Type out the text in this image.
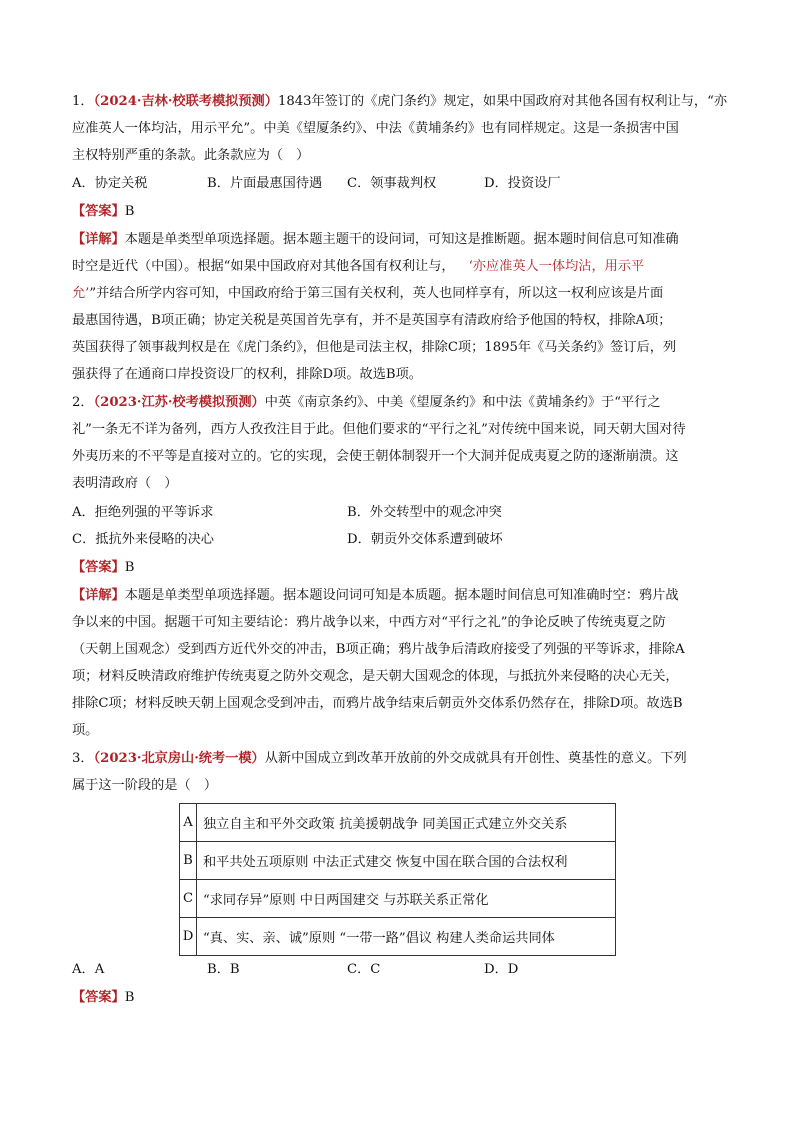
1．（2024·吉林·校联考模拟预测）1843年签订的《虎门条约》规定，如果中国政府对其他各国有权利让与，“亦
应准英人一体均沾，用示平允”。中美《望厦条约》、中法《黄埔条约》也有同样规定。这是一条损害中国
主权特别严重的条款。此条款应为（　）
A．协定关税	B．片面最惠国待遇 C．领事裁判权	D．投资设厂
【答案】B
【详解】本题是单类型单项选择题。据本题主题干的设问词，可知这是推断题。据本题时间信息可知准确
时空是近代（中国）。根据“如果中国政府对其他各国有权利让与， ‘亦应准英人一体均沾，用示平
允’”并结合所学内容可知，中国政府给于第三国有关权利，英人也同样享有，所以这一权利应该是片面
最惠国待遇，B项正确；协定关税是英国首先享有，并不是英国享有清政府给予他国的特权，排除A项；
英国获得了领事裁判权是在《虎门条约》，但他是司法主权，排除C项；1895年《马关条约》签订后，列
强获得了在通商口岸投资设厂的权利，排除D项。故选B项。
2．（2023·江苏·校考模拟预测）中英《南京条约》、中美《望厦条约》和中法《黄埔条约》于“平行之
礼”一条无不详为备列，西方人孜孜注目于此。但他们要求的“平行之礼”对传统中国来说，同天朝大国对待
外夷历来的不平等是直接对立的。它的实现，会使王朝体制裂开一个大洞并促成夷夏之防的逐渐崩溃。这
表明清政府（　）
A．拒绝列强的平等诉求	B．外交转型中的观念冲突
C．抵抗外来侵略的决心	D．朝贡外交体系遭到破坏
【答案】B
【详解】本题是单类型单项选择题。据本题设问词可知是本质题。据本题时间信息可知准确时空：鸦片战
争以来的中国。据题干可知主要结论：鸦片战争以来，中西方对“平行之礼”的争论反映了传统夷夏之防
（天朝上国观念）受到西方近代外交的冲击，B项正确；鸦片战争后清政府接受了列强的平等诉求，排除A
项；材料反映清政府维护传统夷夏之防外交观念，是天朝大国观念的体现，与抵抗外来侵略的决心无关，
排除C项；材料反映天朝上国观念受到冲击，而鸦片战争结束后朝贡外交体系仍然存在，排除D项。故选B
项。
3．（2023·北京房山·统考一模）从新中国成立到改革开放前的外交成就具有开创性、奠基性的意义。下列
属于这一阶段的是（　）
A	独立自主和平外交政策 抗美援朝战争 同美国正式建立外交关系
B	和平共处五项原则 中法正式建交 恢复中国在联合国的合法权利
C	“求同存异”原则 中日两国建交 与苏联关系正常化
D	“真、实、亲、诚”原则 “一带一路”倡议 构建人类命运共同体
A．A	B．B	C．C	D．D
【答案】B
